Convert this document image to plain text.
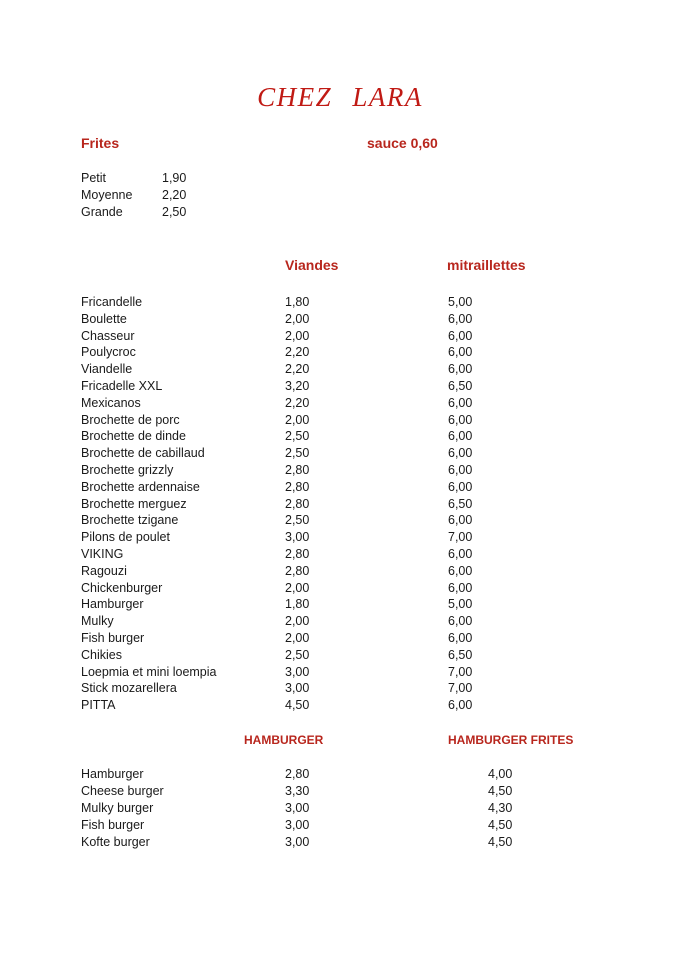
CHEZ LARA
Frites	sauce 0,60
Petit	1,90
Moyenne 2,20
Grande	2,50
Viandes	mitraillettes
Fricandelle	1,80	5,00
Boulette	2,00	6,00
Chasseur	2,00	6,00
Poulycroc	2,20	6,00
Viandelle	2,20	6,00
Fricadelle XXL	3,20	6,50
Mexicanos	2,20	6,00
Brochette de porc	2,00	6,00
Brochette de dinde	2,50	6,00
Brochette de cabillaud	2,50	6,00
Brochette grizzly	2,80	6,00
Brochette ardennaise	2,80	6,00
Brochette merguez	2,80	6,50
Brochette tzigane	2,50	6,00
Pilons de poulet	3,00	7,00
VIKING	2,80	6,00
Ragouzi	2,80	6,00
Chickenburger	2,00	6,00
Hamburger	1,80	5,00
Mulky	2,00	6,00
Fish burger	2,00	6,00
Chikies	2,50	6,50
Loepmia et mini loempia	3,00	7,00
Stick mozarellera	3,00	7,00
PITTA	4,50	6,00
HAMBURGER	HAMBURGER FRITES
Hamburger	2,80	4,00
Cheese burger	3,30	4,50
Mulky burger	3,00	4,30
Fish burger	3,00	4,50
Kofte burger	3,00	4,50
